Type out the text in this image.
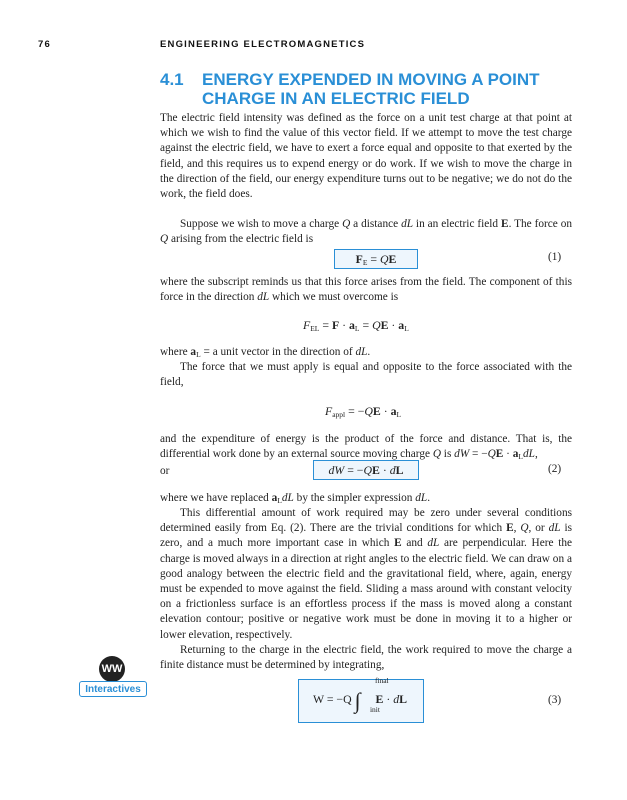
76	ENGINEERING ELECTROMAGNETICS
4.1 ENERGY EXPENDED IN MOVING A POINT
CHARGE IN AN ELECTRIC FIELD
The electric field intensity was defined as the force on a unit test charge at that point at which we wish to find the value of this vector field. If we attempt to move the test charge against the electric field, we have to exert a force equal and opposite to that exerted by the field, and this requires us to expend energy or do work. If we wish to move the charge in the direction of the field, our energy expenditure turns out to be negative; we do not do the work, the field does.
Suppose we wish to move a charge Q a distance dL in an electric field E. The force on Q arising from the electric field is
$F_E$ = QE	(1)
where the subscript reminds us that this force arises from the field. The component of this force in the direction dL which we must overcome is
$F_{EL} = F \cdot a_L$ = QE · $a_L$
where $a_L = a$ unit vector in the direction of dL.
The force that we must apply is equal and opposite to the force associated with the field,
$F_{appl} = -QE \cdot a_L$
and the expenditure of energy is the product of the force and distance. That is, the differential work done by an external source moving charge Q is dW = $-QE \cdot a_LdL$,
or	dW = −QE · dL	(2)
where we have replaced $a_LdL$ by the simpler expression dL.
This differential amount of work required may be zero under several conditions determined easily from Eq. (2). There are the trivial conditions for which E, Q, or dL is zero, and a much more important case in which E and dL are perpendicular. Here the charge is moved always in a direction at right angles to the electric field. We can draw on a good analogy between the electric field and the gravitational field, where, again, energy must be expended to move against the field. Sliding a mass around with constant velocity on a frictionless surface is an effortless process if the mass is moved along a constant elevation contour; positive or negative work must be done in moving it to a higher or lower elevation, respectively.
Returning to the charge in the electric field, the work required to move the charge a finite distance must be determined by integrating,
WW
Interactives
W = −Q ∫
final
init
E · dL	(3)
